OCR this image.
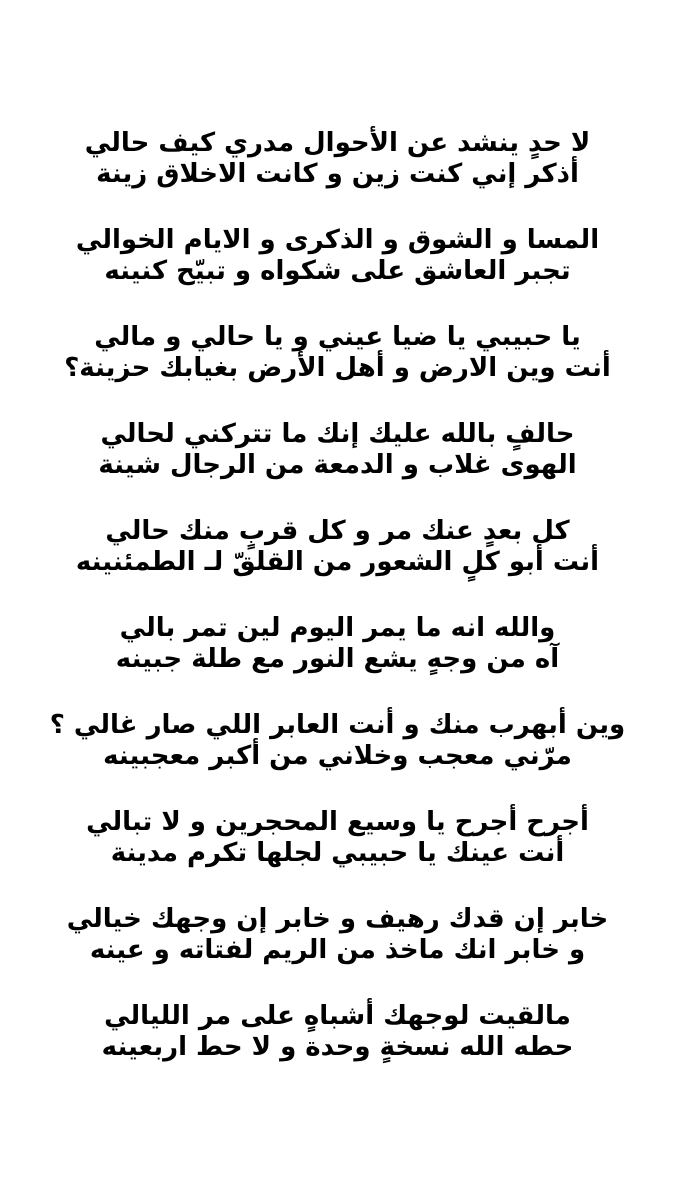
لا حدٍ ينشد عن الأحوال مدري كيف حالي
أذكر إني كنت زين و كانت الاخلاق زينة
المسا و الشوق و الذكرى و الايام الخوالي
تجبر العاشق على شكواه و تبيّح كنينه
يا حبيبي يا ضيا عيني و يا حالي و مالي
أنت وين الارض و أهل الأرض بغيابك حزينة؟
حالفٍ بالله عليك إنك ما تتركني لحالي
الهوى غلاب و الدمعة من الرجال شينة
كل بعدٍ عنك مر و كل قربٍ منك حالي
أنت أبو كلٍ الشعور من القلقّ لـ الطمئنينه
والله انه ما يمر اليوم لين تمر بالي
آه من وجهٍ يشع النور مع طلة جبينه
وين أبهرب منك و أنت العابر اللي صار غالي ؟
مرّني معجب وخلاني من أكبر معجبينه
أجرح أجرح يا وسيع المحجرين و لا تبالي
أنت عينك يا حبيبي لجلها تكرم مدينة
خابر إن قدك رهيف و خابر إن وجهك خيالي
و خابر انك ماخذ من الريم لفتاته و عينه
مالقيت لوجهك أشباهٍ على مر الليالي
حطه الله نسخةٍ وحدة و لا حط اربعينه
